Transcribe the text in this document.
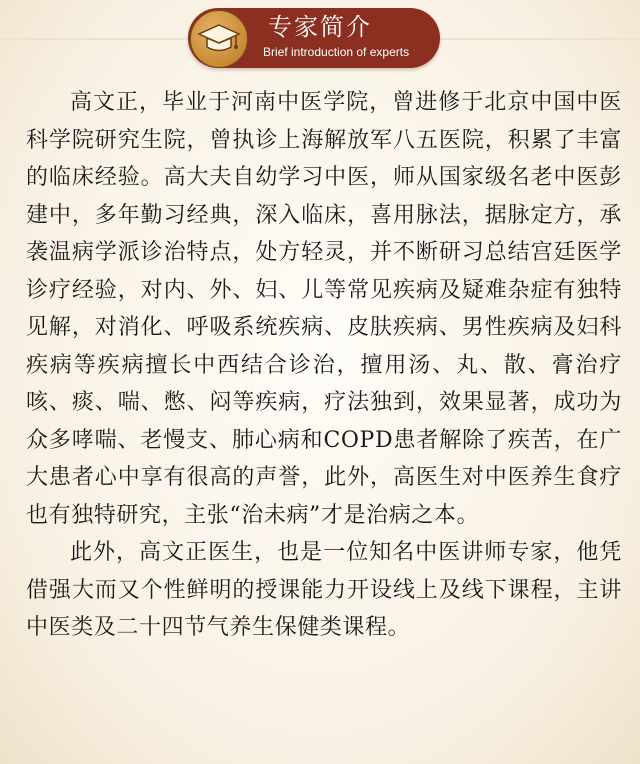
专家简介
Brief introduction of experts

高文正，毕业于河南中医学院，曾进修于北京中国中医科学院研究生院，曾执诊上海解放军八五医院，积累了丰富的临床经验。高大夫自幼学习中医，师从国家级名老中医彭建中，多年勤习经典，深入临床，喜用脉法，据脉定方，承袭温病学派诊治特点，处方轻灵，并不断研习总结宫廷医学诊疗经验，对内、外、妇、儿等常见疾病及疑难杂症有独特见解，对消化、呼吸系统疾病、皮肤疾病、男性疾病及妇科疾病等疾病擅长中西结合诊治，擅用汤、丸、散、膏治疗咳、痰、喘、憋、闷等疾病，疗法独到，效果显著，成功为众多哮喘、老慢支、肺心病和COPD患者解除了疾苦，在广大患者心中享有很高的声誉，此外，高医生对中医养生食疗也有独特研究，主张“治未病”才是治病之本。

此外，高文正医生，也是一位知名中医讲师专家，他凭借强大而又个性鲜明的授课能力开设线上及线下课程，主讲中医类及二十四节气养生保健类课程。
